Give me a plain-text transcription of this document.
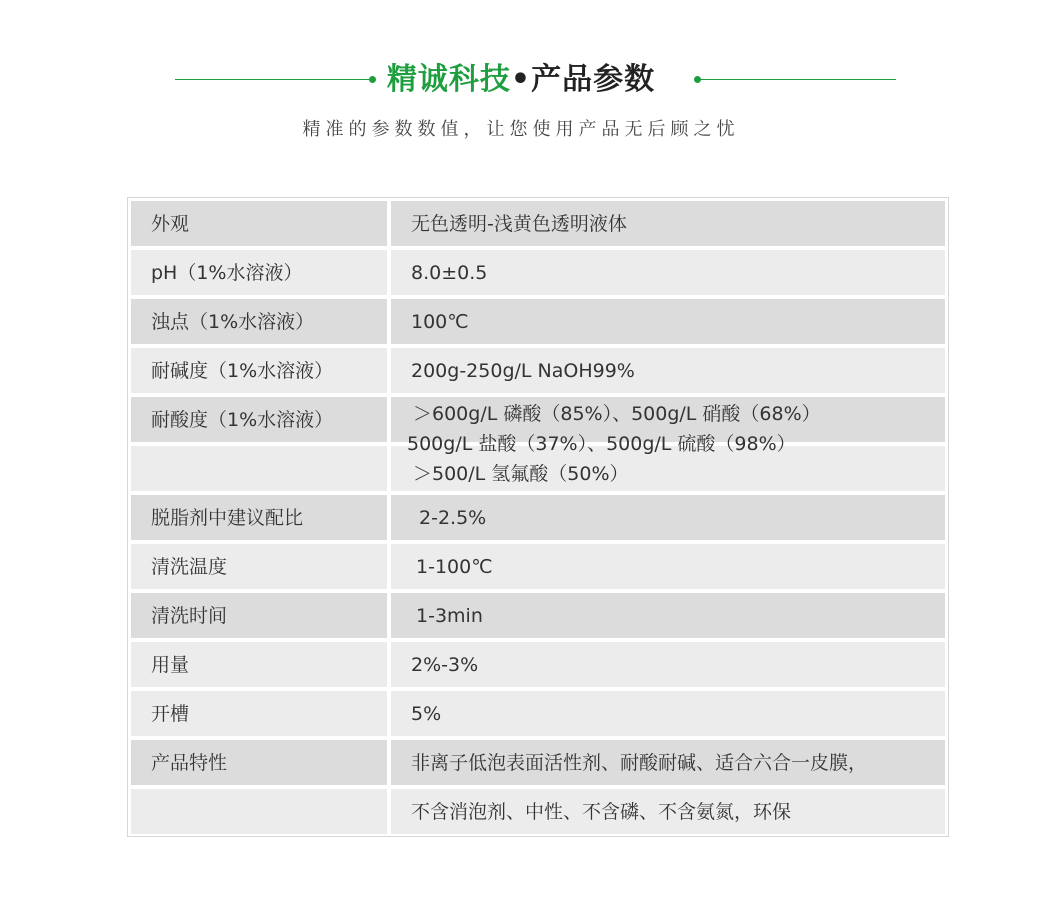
精诚科技•产品参数
精准的参数数值，让您使用产品无后顾之忧
外观	无色透明-浅黄色透明液体
pH（1%水溶液）	8.0±0.5
浊点（1%水溶液）	100℃
耐碱度（1%水溶液）	200g-250g/L NaOH99%
耐酸度（1%水溶液）	＞600g/L 磷酸（85%）、500g/L 硝酸（68%）
500g/L 盐酸（37%）、500g/L 硫酸（98%）
＞500/L 氢氟酸（50%）
脱脂剂中建议配比	2-2.5%
清洗温度	1-100℃
清洗时间	1-3min
用量	2%-3%
开槽	5%
产品特性	非离子低泡表面活性剂、耐酸耐碱、适合六合一皮膜，
不含消泡剂、中性、不含磷、不含氨氮，环保
